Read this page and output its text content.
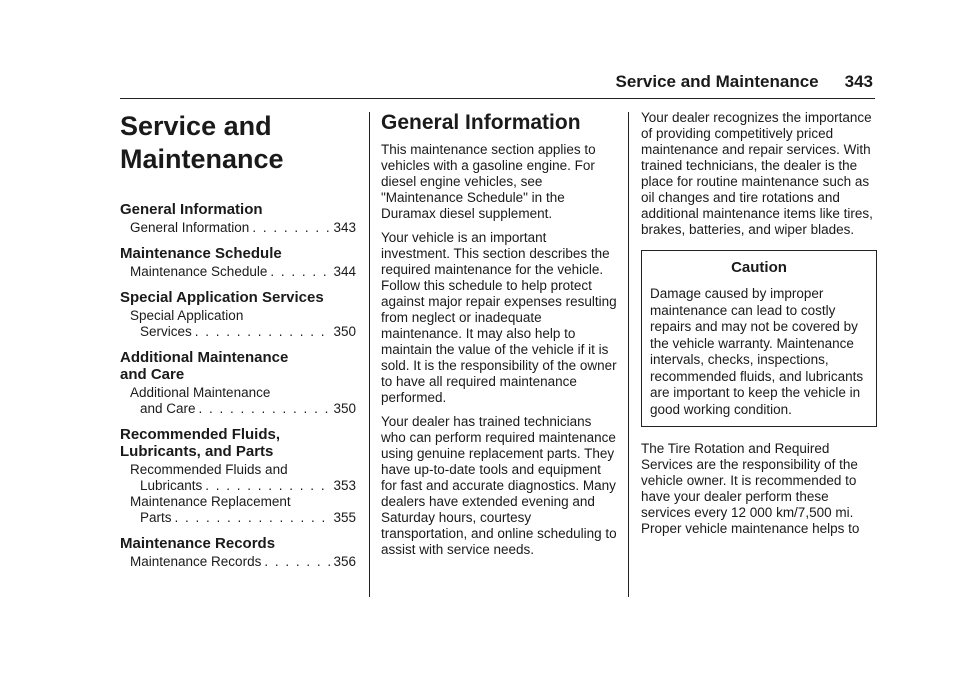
Service and Maintenance 343
Service and
Maintenance
General Information
General Information . . .	343
Maintenance Schedule
Maintenance Schedule . . .	344
Special Application Services
Special Application
Services . . .	350
Additional Maintenance
and Care
Additional Maintenance
and Care . . .	350
Recommended Fluids,
Lubricants, and Parts
Recommended Fluids and
Lubricants . . .	353
Maintenance Replacement
Parts . . .	355
Maintenance Records
Maintenance Records . . .	356
General Information

This maintenance section applies to vehicles with a gasoline engine. For diesel engine vehicles, see "Maintenance Schedule" in the Duramax diesel supplement.

Your vehicle is an important investment. This section describes the required maintenance for the vehicle. Follow this schedule to help protect against major repair expenses resulting from neglect or inadequate maintenance. It may also help to maintain the value of the vehicle if it is sold. It is the responsibility of the owner to have all required maintenance performed.

Your dealer has trained technicians who can perform required maintenance using genuine replacement parts. They have up-to-date tools and equipment for fast and accurate diagnostics. Many dealers have extended evening and Saturday hours, courtesy transportation, and online scheduling to assist with service needs.

Your dealer recognizes the importance of providing competitively priced maintenance and repair services. With trained technicians, the dealer is the place for routine maintenance such as oil changes and tire rotations and additional maintenance items like tires, brakes, batteries, and wiper blades.

Caution
Damage caused by improper maintenance can lead to costly repairs and may not be covered by the vehicle warranty. Maintenance intervals, checks, inspections, recommended fluids, and lubricants are important to keep the vehicle in good working condition.

The Tire Rotation and Required Services are the responsibility of the vehicle owner. It is recommended to have your dealer perform these services every 12 000 km/7,500 mi. Proper vehicle maintenance helps to
